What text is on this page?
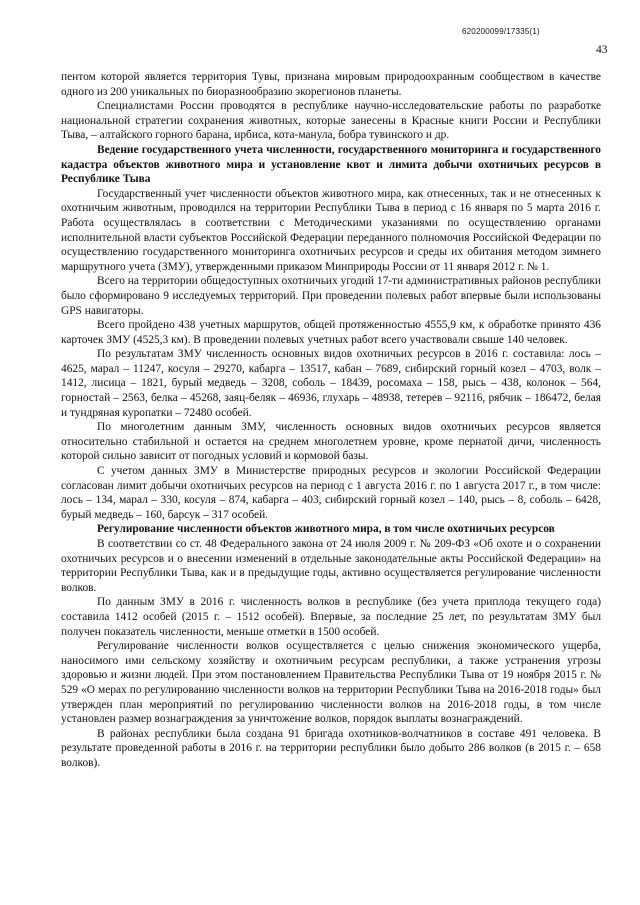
620200099/17335(1)
43

пентом которой является территория Тувы, признана мировым природоохранным сообществом в качестве одного из 200 уникальных по биоразнообразию экорегионов планеты.

Специалистами России проводятся в республике научно-исследовательские работы по разработке национальной стратегии сохранения животных, которые занесены в Красные книги России и Республики Тыва, – алтайского горного барана, ирбиса, кота-манула, бобра тувинского и др.

Ведение государственного учета численности, государственного мониторинга и государственного кадастра объектов животного мира и установление квот и лимита добычи охотничьих ресурсов в Республике Тыва

Государственный учет численности объектов животного мира, как отнесенных, так и не отнесенных к охотничьим животным, проводился на территории Республики Тыва в период с 16 января по 5 марта 2016 г. Работа осуществлялась в соответствии с Методическими указаниями по осуществлению органами исполнительной власти субъектов Российской Федерации переданного полномочия Российской Федерации по осуществлению государственного мониторинга охотничьих ресурсов и среды их обитания методом зимнего маршрутного учета (ЗМУ), утвержденными приказом Минприроды России от 11 января 2012 г. № 1.

Всего на территории общедоступных охотничьих угодий 17-ти административных районов республики было сформировано 9 исследуемых территорий. При проведении полевых работ впервые были использованы GPS навигаторы.

Всего пройдено 438 учетных маршрутов, общей протяженностью 4555,9 км, к обработке принято 436 карточек ЗМУ (4525,3 км). В проведении полевых учетных работ всего участвовали свыше 140 человек.

По результатам ЗМУ численность основных видов охотничьих ресурсов в 2016 г. составила: лось – 4625, марал – 11247, косуля – 29270, кабарга – 13517, кабан – 7689, сибирский горный козел – 4703, волк – 1412, лисица – 1821, бурый медведь – 3208, соболь – 18439, росомаха – 158, рысь – 438, колонок – 564, горностай – 2563, белка – 45268, заяц-беляк – 46936, глухарь – 48938, тетерев – 92116, рябчик – 186472, белая и тундряная куропатки – 72480 особей.

По многолетним данным ЗМУ, численность основных видов охотничьих ресурсов является относительно стабильной и остается на среднем многолетнем уровне, кроме пернатой дичи, численность которой сильно зависит от погодных условий и кормовой базы.

С учетом данных ЗМУ в Министерстве природных ресурсов и экологии Российской Федерации согласован лимит добычи охотничьих ресурсов на период с 1 августа 2016 г. по 1 августа 2017 г., в том числе: лось – 134, марал – 330, косуля – 874, кабарга – 403, сибирский горный козел – 140, рысь – 8, соболь – 6428, бурый медведь – 160, барсук – 317 особей.

Регулирование численности объектов животного мира, в том числе охотничьих ресурсов

В соответствии со ст. 48 Федерального закона от 24 июля 2009 г. № 209-ФЗ «Об охоте и о сохранении охотничьих ресурсов и о внесении изменений в отдельные законодательные акты Российской Федерации» на территории Республики Тыва, как и в предыдущие годы, активно осуществляется регулирование численности волков.

По данным ЗМУ в 2016 г. численность волков в республике (без учета приплода текущего года) составила 1412 особей (2015 г. – 1512 особей). Впервые, за последние 25 лет, по результатам ЗМУ был получен показатель численности, меньше отметки в 1500 особей.

Регулирование численности волков осуществляется с целью снижения экономического ущерба, наносимого ими сельскому хозяйству и охотничьим ресурсам республики, а также устранения угрозы здоровью и жизни людей. При этом постановлением Правительства Республики Тыва от 19 ноября 2015 г. № 529 «О мерах по регулированию численности волков на территории Республики Тыва на 2016-2018 годы» был утвержден план мероприятий по регулированию численности волков на 2016-2018 годы, в том числе установлен размер вознаграждения за уничтожение волков, порядок выплаты вознаграждений.

В районах республики была создана 91 бригада охотников-волчатников в составе 491 человека. В результате проведенной работы в 2016 г. на территории республики было добыто 286 волков (в 2015 г. – 658 волков).
